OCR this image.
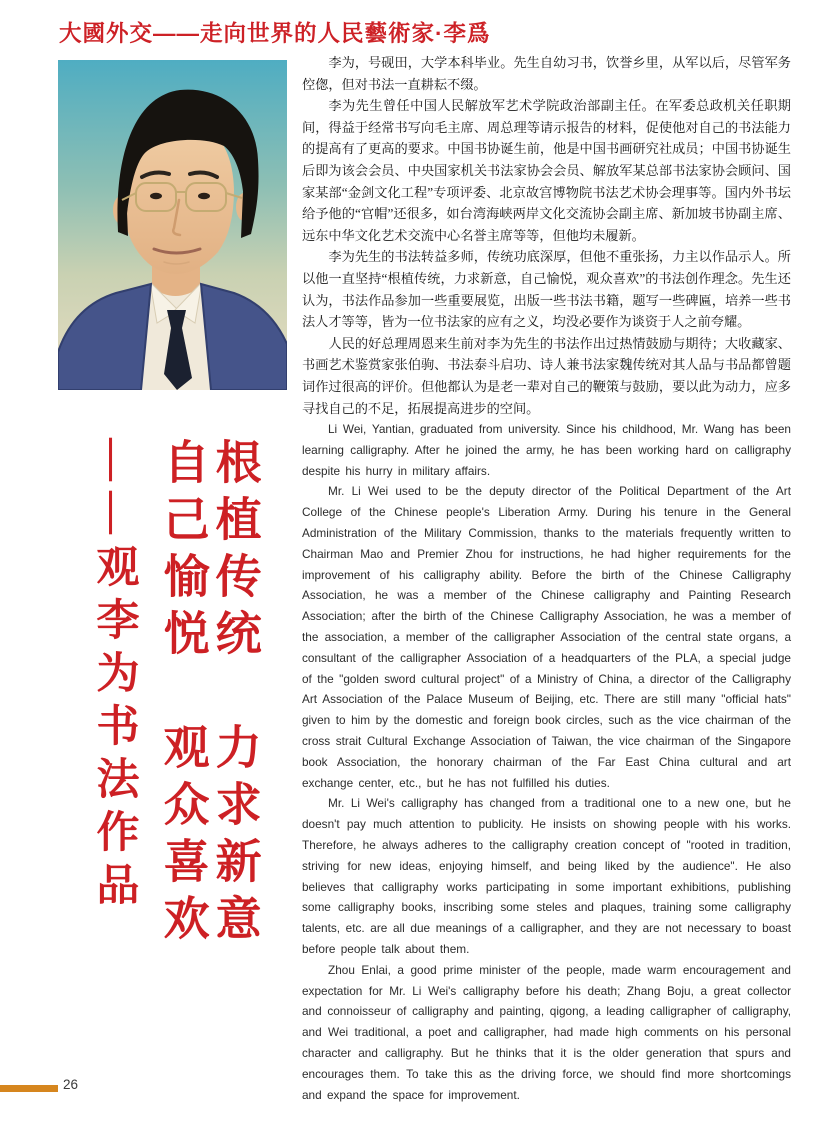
大國外交——走向世界的人民藝術家·李爲
根植传统　力求新意
自己愉悦　观众喜欢
——观李为书法作品

李为，号砚田，大学本科毕业。先生自幼习书，饮誉乡里，从军以后，尽管军务倥偬，但对书法一直耕耘不缀。

李为先生曾任中国人民解放军艺术学院政治部副主任。在军委总政机关任职期间，得益于经常书写向毛主席、周总理等请示报告的材料，促使他对自己的书法能力的提高有了更高的要求。中国书协诞生前，他是中国书画研究社成员；中国书协诞生后即为该会会员、中央国家机关书法家协会会员、解放军某总部书法家协会顾问、国家某部“金剑文化工程”专项评委、北京故宫博物院书法艺术协会理事等。国内外书坛给予他的“官帽”还很多，如台湾海峡两岸文化交流协会副主席、新加坡书协副主席、远东中华文化艺术交流中心名誉主席等等，但他均未履新。

李为先生的书法转益多师，传统功底深厚，但他不重张扬，力主以作品示人。所以他一直坚持“根植传统，力求新意，自己愉悦，观众喜欢”的书法创作理念。先生还认为，书法作品参加一些重要展览，出版一些书法书籍，题写一些碑匾，培养一些书法人才等等，皆为一位书法家的应有之义，均没必要作为谈资于人之前夸耀。

人民的好总理周恩来生前对李为先生的书法作出过热情鼓励与期待；大收藏家、书画艺术鉴赏家张伯驹、书法泰斗启功、诗人兼书法家魏传统对其人品与书品都曾题词作过很高的评价。但他都认为是老一辈对自己的鞭策与鼓励，要以此为动力，应多寻找自己的不足，拓展提高进步的空间。

Li Wei, Yantian, graduated from university. Since his childhood, Mr. Wang has been learning calligraphy. After he joined the army, he has been working hard on calligraphy despite his hurry in military affairs.

Mr. Li Wei used to be the deputy director of the Political Department of the Art College of the Chinese people's Liberation Army. During his tenure in the General Administration of the Military Commission, thanks to the materials frequently written to Chairman Mao and Premier Zhou for instructions, he had higher requirements for the improvement of his calligraphy ability. Before the birth of the Chinese Calligraphy Association, he was a member of the Chinese calligraphy and Painting Research Association; after the birth of the Chinese Calligraphy Association, he was a member of the association, a member of the calligrapher Association of the central state organs, a consultant of the calligrapher Association of a headquarters of the PLA, a special judge of the "golden sword cultural project" of a Ministry of China, a director of the Calligraphy Art Association of the Palace Museum of Beijing, etc. There are still many "official hats" given to him by the domestic and foreign book circles, such as the vice chairman of the cross strait Cultural Exchange Association of Taiwan, the vice chairman of the Singapore book Association, the honorary chairman of the Far East China cultural and art exchange center, etc., but he has not fulfilled his duties.

Mr. Li Wei's calligraphy has changed from a traditional one to a new one, but he doesn't pay much attention to publicity. He insists on showing people with his works. Therefore, he always adheres to the calligraphy creation concept of "rooted in tradition, striving for new ideas, enjoying himself, and being liked by the audience". He also believes that calligraphy works participating in some important exhibitions, publishing some calligraphy books, inscribing some steles and plaques, training some calligraphy talents, etc. are all due meanings of a calligrapher, and they are not necessary to boast before people talk about them.

Zhou Enlai, a good prime minister of the people, made warm encouragement and expectation for Mr. Li Wei's calligraphy before his death; Zhang Boju, a great collector and connoisseur of calligraphy and painting, qigong, a leading calligrapher of calligraphy, and Wei traditional, a poet and calligrapher, had made high comments on his personal character and calligraphy. But he thinks that it is the older generation that spurs and encourages them. To take this as the driving force, we should find more shortcomings and expand the space for improvement.

26
